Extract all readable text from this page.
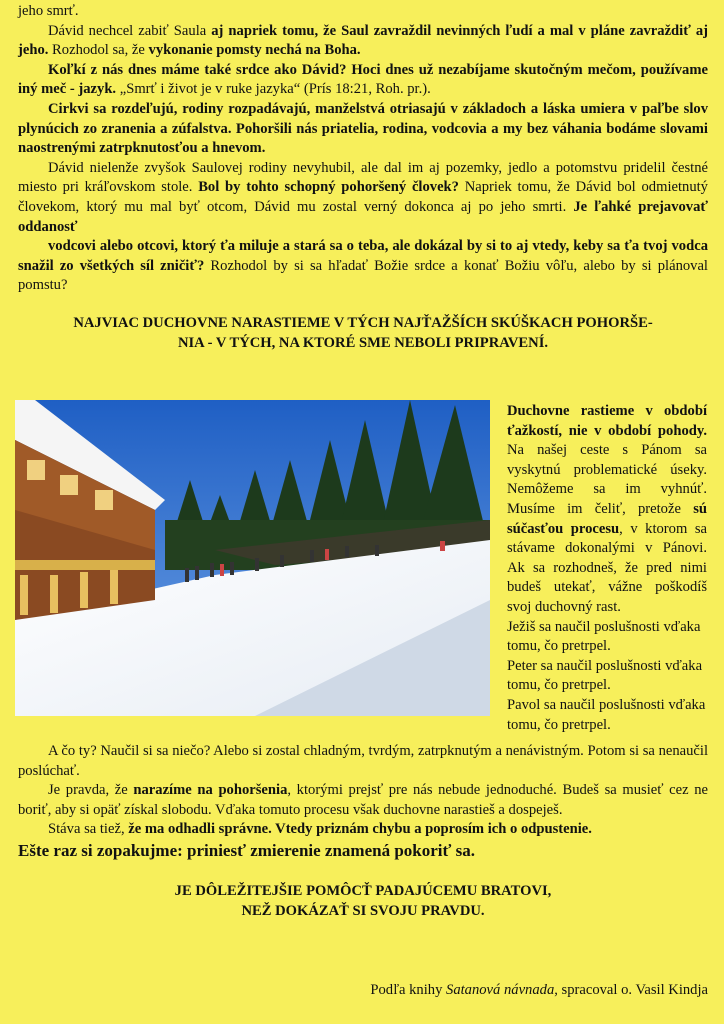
jeho smrť.

Dávid nechcel zabiť Saula aj napriek tomu, že Saul zavraždil nevinných ľudí a mal v pláne zavraždiť aj jeho. Rozhodol sa, že vykonanie pomsty nechá na Boha.

Koľkí z nás dnes máme také srdce ako Dávid? Hoci dnes už nezabíjame skutočným mečom, používame iný meč - jazyk. „Smrť i život je v ruke jazyka“ (Prís 18:21, Roh. pr.).

Cirkvi sa rozdeľujú, rodiny rozpadávajú, manželstvá otriasajú v základoch a láska umiera v paľbe slov plynúcich zo zranenia a zúfalstva. Pohoršili nás priatelia, rodina, vodcovia a my bez váhania bodáme slovami naostrenými zatrpknutosťou a hnevom.

Dávid nielenže zvyšok Saulovej rodiny nevyhubil, ale dal im aj pozemky, jedlo a potomstvu pridelil čestné miesto pri kráľovskom stole. Bol by tohto schopný pohoršený človek? Napriek tomu, že Dávid bol odmietnutý človekom, ktorý mu mal byť otcom, Dávid mu zostal verný dokonca aj po jeho smrti. Je ľahké prejavovať oddanosť

vodcovi alebo otcovi, ktorý ťa miluje a stará sa o teba, ale dokázal by si to aj vtedy, keby sa ťa tvoj vodca snažil zo všetkých síl zničiť? Rozhodol by si sa hľadať Božie srdce a konať Božiu vôľu, alebo by si plánoval pomstu?

NAJVIAC DUCHOVNE NARASTIEME V TÝCH NAJŤAŽŠÍCH SKÚŠKACH POHORŠE-
NIA - V TÝCH, NA KTORÉ SME NEBOLI PRIPRAVENÍ.

Duchovne rastieme v období ťažkostí, nie v období pohody. Na našej ceste s Pánom sa vyskytnú problematické úseky. Nemôžeme sa im vyhnúť. Musíme im čeliť, pretože sú súčasťou procesu, v ktorom sa stávame dokonalými v Pánovi. Ak sa rozhodneš, že pred nimi budeš utekať, vážne poškodíš svoj duchovný rast.

Ježiš sa naučil poslušnosti vďaka tomu, čo pretrpel.

Peter sa naučil poslušnosti vďaka tomu, čo pretrpel.

Pavol sa naučil poslušnosti vďaka tomu, čo pretrpel.

A čo ty? Naučil si sa niečo? Alebo si zostal chladným, tvrdým, zatrpknutým a nenávistným. Potom si sa nenaučil poslúchať.

Je pravda, že narazíme na pohoršenia, ktorými prejsť pre nás nebude jednoduché. Budeš sa musieť cez ne boriť, aby si opäť získal slobodu. Vďaka tomuto procesu však duchovne narastieš a dospeješ.

Stáva sa tiež, že ma odhadli správne. Vtedy priznám chybu a poprosím ich o odpustenie.

Ešte raz si zopakujme: priniesť zmierenie znamená pokoriť sa.

JE DÔLEŽITEJŠIE POMÔCŤ PADAJÚCEMU BRATOVI,
NEŽ DOKÁZAŤ SI SVOJU PRAVDU.
Podľa knihy Satanová návnada, spracoval o. Vasil Kindja
